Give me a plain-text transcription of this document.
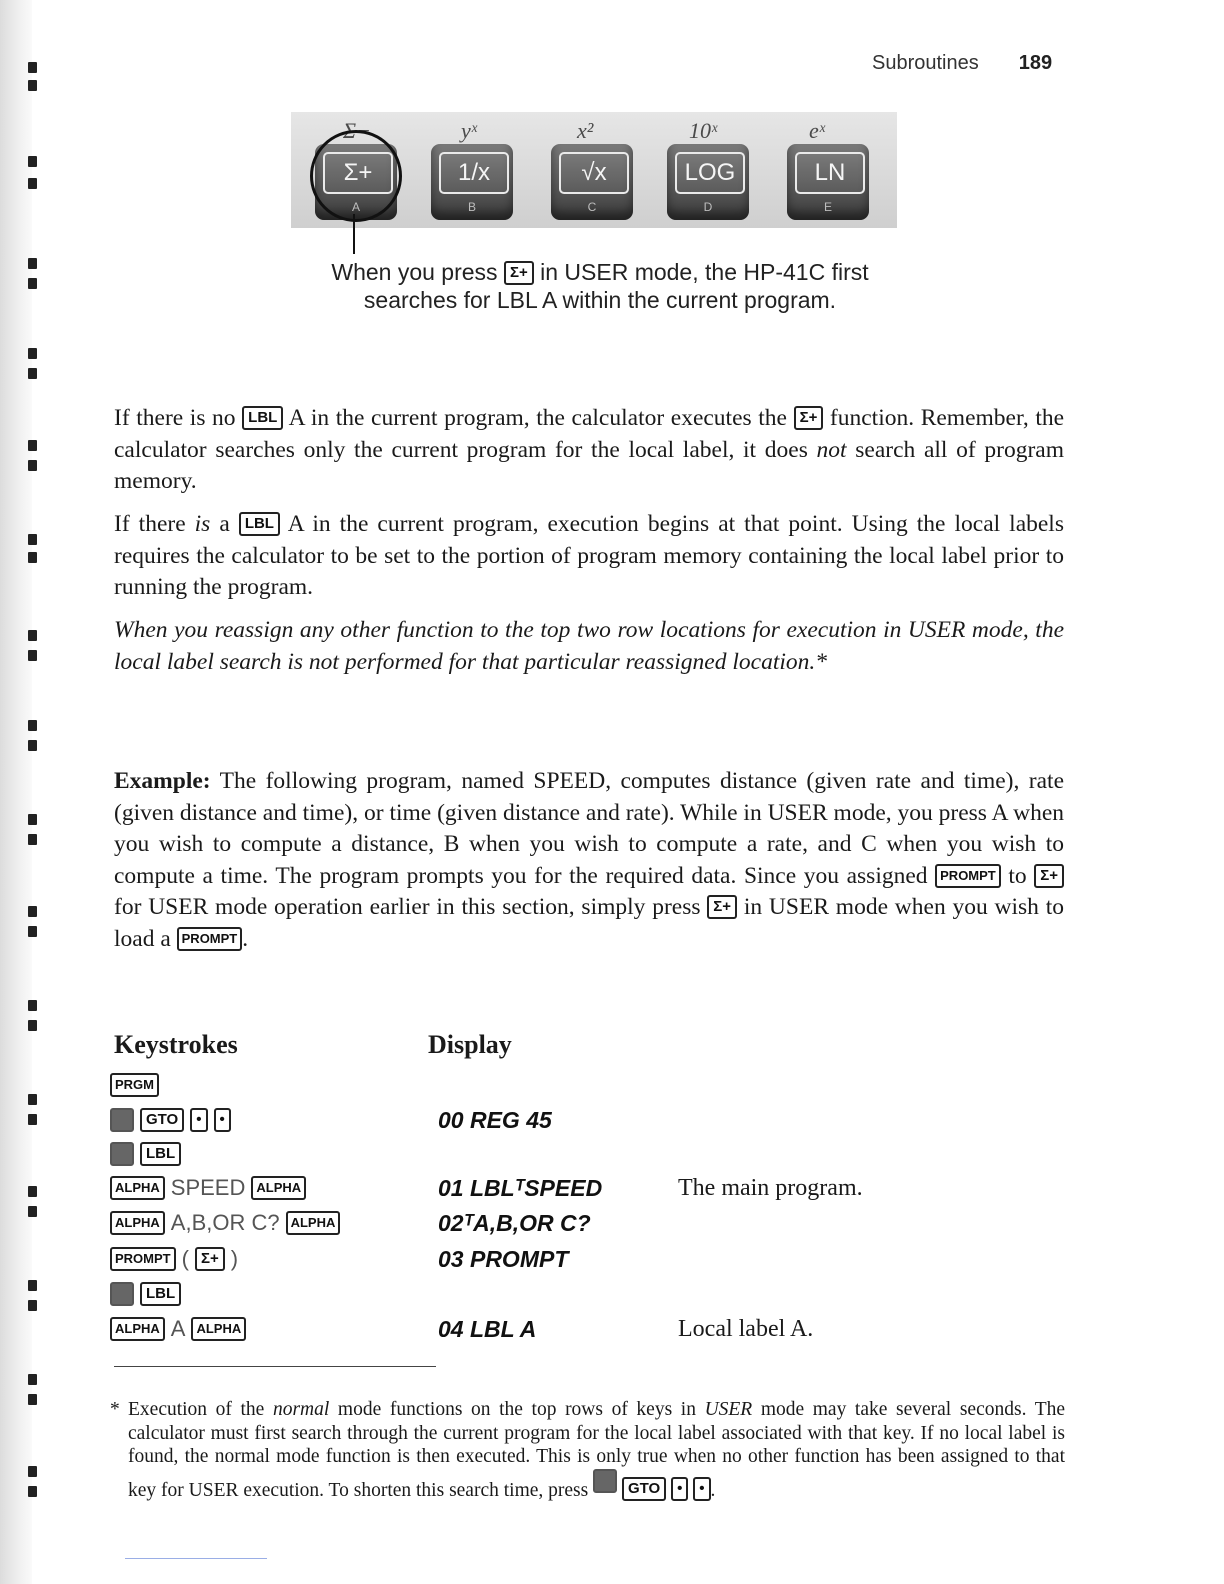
Subroutines 189
Σ−	yˣ	x²	10ˣ	eˣ
Σ+
A
1/x
B
√x
C
LOG
D
LN
E
When you press Σ+ in USER mode, the HP-41C first
searches for LBL A within the current program.
If there is no LBL A in the current program, the calculator executes the Σ+ function. Remember, the calculator searches only the current program for the local label, it does not search all of program memory.
If there is a LBL A in the current program, execution begins at that point. Using the local labels requires the calculator to be set to the portion of program memory containing the local label prior to running the program.
When you reassign any other function to the top two row locations for execution in USER mode, the local label search is not performed for that particular reassigned location.*
Example: The following program, named SPEED, computes distance (given rate and time), rate (given distance and time), or time (given distance and rate). While in USER mode, you press A when you wish to compute a distance, B when you wish to compute a rate, and C when you wish to compute a time. The program prompts you for the required data. Since you assigned PROMPT to Σ+ for USER mode operation earlier in this section, simply press Σ+ in USER mode when you wish to load a PROMPT .
Keystrokes	Display
PRGM
GTO	•	•	00 REG 45
LBL
ALPHA SPEED ALPHA	01 LBLᵀSPEED	The main program.
ALPHA A,B,OR C? ALPHA	02ᵀA,B,OR C?
PROMPT ( Σ+ )	03 PROMPT
LBL
ALPHA A ALPHA	04 LBL A	Local label A.
* Execution of the normal mode functions on the top rows of keys in USER mode may take several seconds. The calculator must first search through the current program for the local label associated with that key. If no local label is found, the normal mode function is then executed. This is only true when no other function has been assigned to that key for USER execution. To shorten this search time, press	GTO • • .
